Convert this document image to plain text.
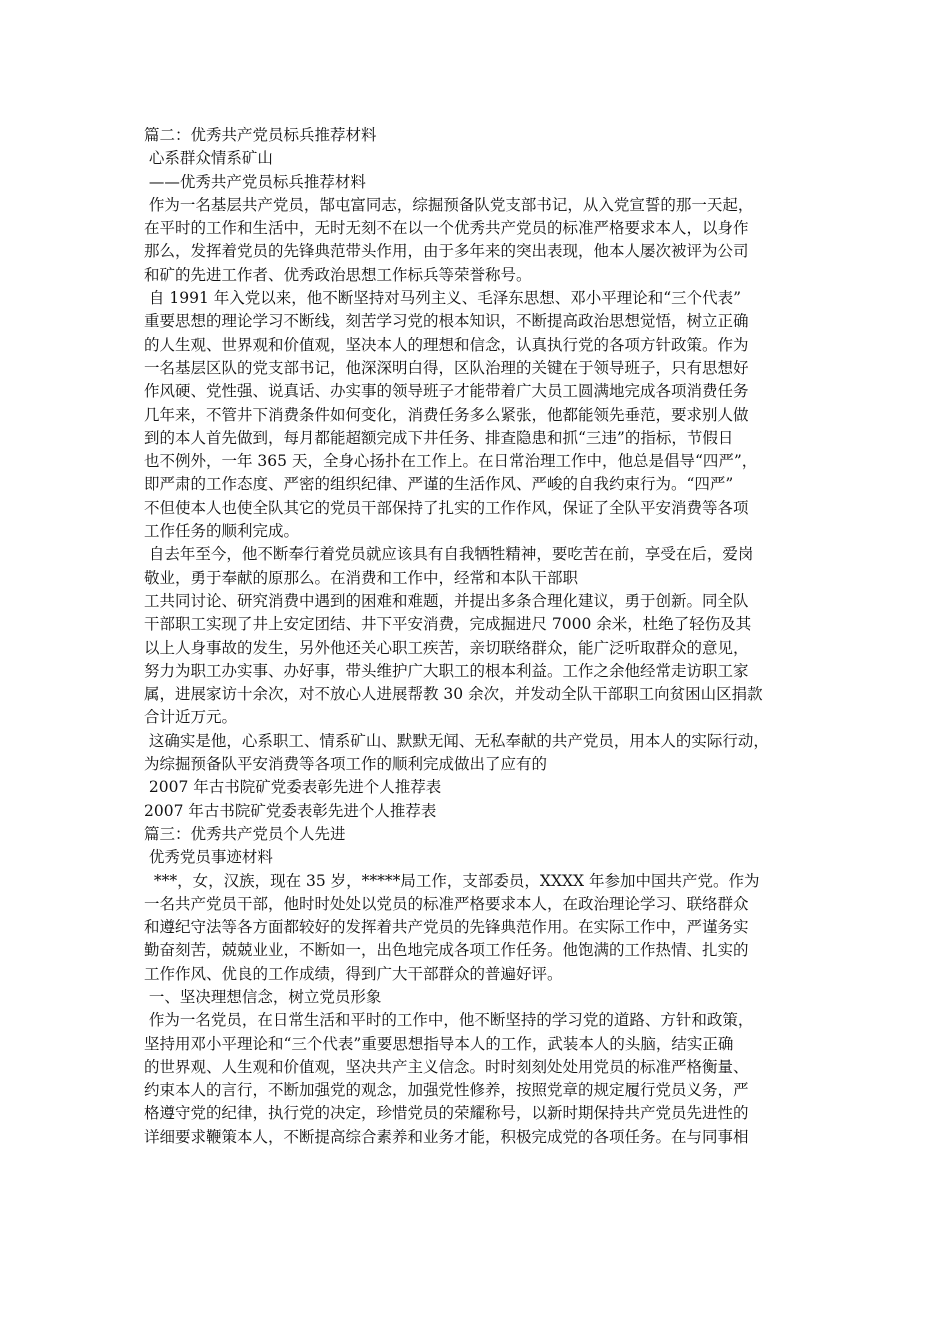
篇二：优秀共产党员标兵推荐材料
心系群众情系矿山
——优秀共产党员标兵推荐材料
作为一名基层共产党员，郜屯富同志，综掘预备队党支部书记，从入党宣誓的那一天起，
在平时的工作和生活中，无时无刻不在以一个优秀共产党员的标准严格要求本人，以身作
那么，发挥着党员的先锋典范带头作用，由于多年来的突出表现，他本人屡次被评为公司
和矿的先进工作者、优秀政治思想工作标兵等荣誉称号。
自 1991 年入党以来，他不断坚持对马列主义、毛泽东思想、邓小平理论和“三个代表”
重要思想的理论学习不断线，刻苦学习党的根本知识，不断提高政治思想觉悟，树立正确
的人生观、世界观和价值观，坚决本人的理想和信念，认真执行党的各项方针政策。作为
一名基层区队的党支部书记，他深深明白得，区队治理的关键在于领导班子，只有思想好
作风硬、党性强、说真话、办实事的领导班子才能带着广大员工圆满地完成各项消费任务
几年来，不管井下消费条件如何变化，消费任务多么紧张，他都能领先垂范，要求别人做
到的本人首先做到，每月都能超额完成下井任务、排查隐患和抓“三违”的指标，节假日
也不例外，一年 365 天，全身心扬扑在工作上。在日常治理工作中，他总是倡导“四严”，
即严肃的工作态度、严密的组织纪律、严谨的生活作风、严峻的自我约束行为。“四严”
不但使本人也使全队其它的党员干部保持了扎实的工作作风，保证了全队平安消费等各项
工作任务的顺利完成。
自去年至今，他不断奉行着党员就应该具有自我牺牲精神，要吃苦在前，享受在后，爱岗
敬业，勇于奉献的原那么。在消费和工作中，经常和本队干部职
工共同讨论、研究消费中遇到的困难和难题，并提出多条合理化建议，勇于创新。同全队
干部职工实现了井上安定团结、井下平安消费，完成掘进尺 7000 余米，杜绝了轻伤及其
以上人身事故的发生，另外他还关心职工疾苦，亲切联络群众，能广泛听取群众的意见，
努力为职工办实事、办好事，带头维护广大职工的根本利益。工作之余他经常走访职工家
属，进展家访十余次，对不放心人进展帮教 30 余次，并发动全队干部职工向贫困山区捐款
合计近万元。
这确实是他，心系职工、情系矿山、默默无闻、无私奉献的共产党员，用本人的实际行动，
为综掘预备队平安消费等各项工作的顺利完成做出了应有的
2007 年古书院矿党委表彰先进个人推荐表
2007 年古书院矿党委表彰先进个人推荐表
篇三：优秀共产党员个人先进
优秀党员事迹材料
***，女，汉族，现在 35 岁，*****局工作，支部委员，XXXX 年参加中国共产党。作为
一名共产党员干部，他时时处处以党员的标准严格要求本人，在政治理论学习、联络群众
和遵纪守法等各方面都较好的发挥着共产党员的先锋典范作用。在实际工作中，严谨务实
勤奋刻苦，兢兢业业，不断如一，出色地完成各项工作任务。他饱满的工作热情、扎实的
工作作风、优良的工作成绩，得到广大干部群众的普遍好评。
一、坚决理想信念，树立党员形象
作为一名党员，在日常生活和平时的工作中，他不断坚持的学习党的道路、方针和政策，
坚持用邓小平理论和“三个代表”重要思想指导本人的工作，武装本人的头脑，结实正确
的世界观、人生观和价值观，坚决共产主义信念。时时刻刻处处用党员的标准严格衡量、
约束本人的言行，不断加强党的观念，加强党性修养，按照党章的规定履行党员义务，严
格遵守党的纪律，执行党的决定，珍惜党员的荣耀称号，以新时期保持共产党员先进性的
详细要求鞭策本人，不断提高综合素养和业务才能，积极完成党的各项任务。在与同事相
